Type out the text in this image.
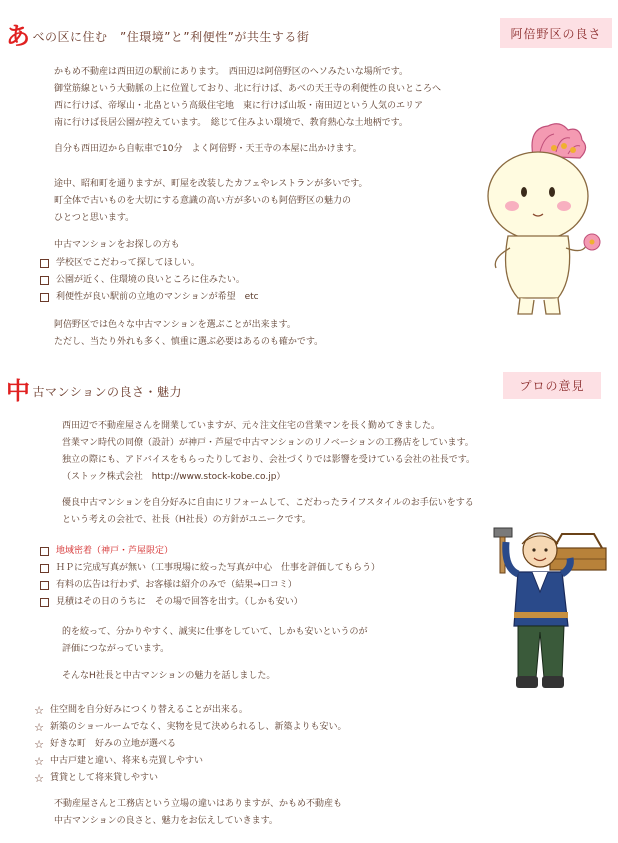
あべの区に住む　”住環境”と”利便性”が共生する街	阿倍野区の良さ
かもめ不動産は西田辺の駅前にあります。　西田辺は阿倍野区のヘソみたいな場所です。
御堂筋線という大動脈の上に位置しており、北に行けば、あべの天王寺の利便性の良いところへ
西に行けば、帝塚山・北畠という高級住宅地　東に行けば山坂・南田辺という人気のエリア
南に行けば長居公園が控えています。　総じて住みよい環境で、教育熱心な土地柄です。
自分も西田辺から自転車で10分　よく阿倍野・天王寺の本屋に出かけます。
途中、昭和町を通りますが、町屋を改装したカフェやレストランが多いです。
町全体で古いものを大切にする意識の高い方が多いのも阿倍野区の魅力の
ひとつと思います。
中古マンションをお探しの方も
学校区でこだわって探してほしい。
公園が近く、住環境の良いところに住みたい。
利便性が良い駅前の立地のマンションが希望　etc
阿倍野区では色々な中古マンションを選ぶことが出来ます。
ただし、当たり外れも多く、慎重に選ぶ必要はあるのも確かです。
中古マンションの良さ・魅力	プロの意見
西田辺で不動産屋さんを開業していますが、元々注文住宅の営業マンを長く勤めてきました。
営業マン時代の同僚（設計）が神戸・芦屋で中古マンションのリノベーションの工務店をしています。
独立の際にも、アドバイスをもらったりしており、会社づくりでは影響を受けている会社の社長です。
（ストック株式会社　http://www.stock-kobe.co.jp）
優良中古マンションを自分好みに自由にリフォームして、こだわったライフスタイルのお手伝いをする
という考えの会社で、社長（H社長）の方針がユニークです。
地域密着（神戸・芦屋限定）
ＨＰに完成写真が無い（工事現場に絞った写真が中心　仕事を評価してもらう）
有料の広告は行わず、お客様は紹介のみで（結果→口コミ）
見積はその日のうちに　その場で回答を出す。（しかも安い）
的を絞って、分かりやすく、誠実に仕事をしていて、しかも安いというのが
評価につながっています。
そんなH社長と中古マンションの魅力を話しました。
☆ 住空間を自分好みにつくり替えることが出来る。
☆ 新築のショールームでなく、実物を見て決められるし、新築よりも安い。
☆ 好きな町　好みの立地が選べる
☆ 中古戸建と違い、将来も売買しやすい
☆ 賃貸として将来貸しやすい
不動産屋さんと工務店という立場の違いはありますが、かもめ不動産も
中古マンションの良さと、魅力をお伝えしていきます。
